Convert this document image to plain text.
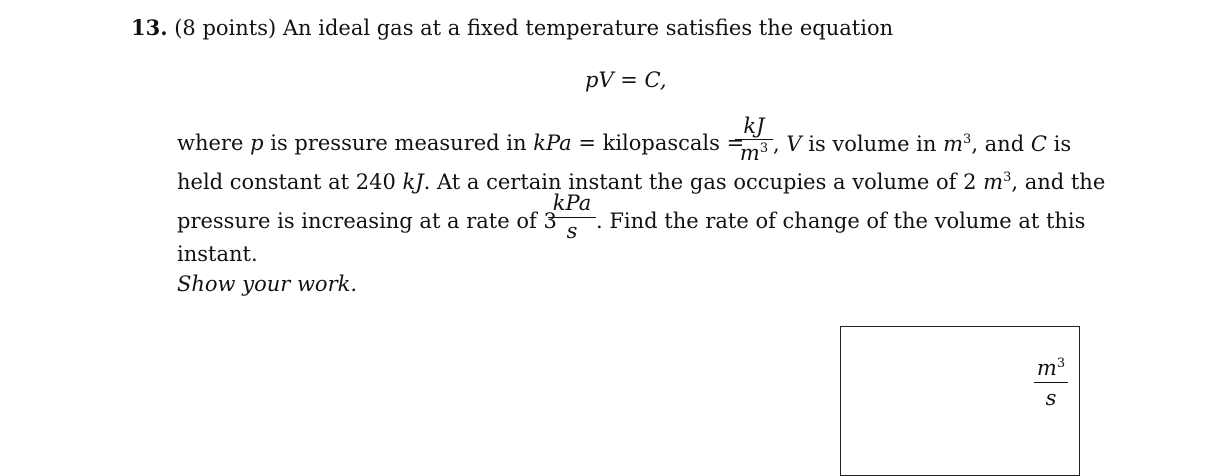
13. (8 points) An ideal gas at a fixed temperature satisfies the equation
pV = C,
where p is pressure measured in kPa = kilopascals =
$\frac{kJ}{m^3}$ , V is volume in $m^3$, and C is
held constant at 240 kJ. At a certain instant the gas occupies a volume of 2 $m^3$, and the
pressure is increasing at a rate of 3
kPa
s . Find the rate of change of the volume at this
instant.
Show your work.
$\frac{m^3}{s}$
